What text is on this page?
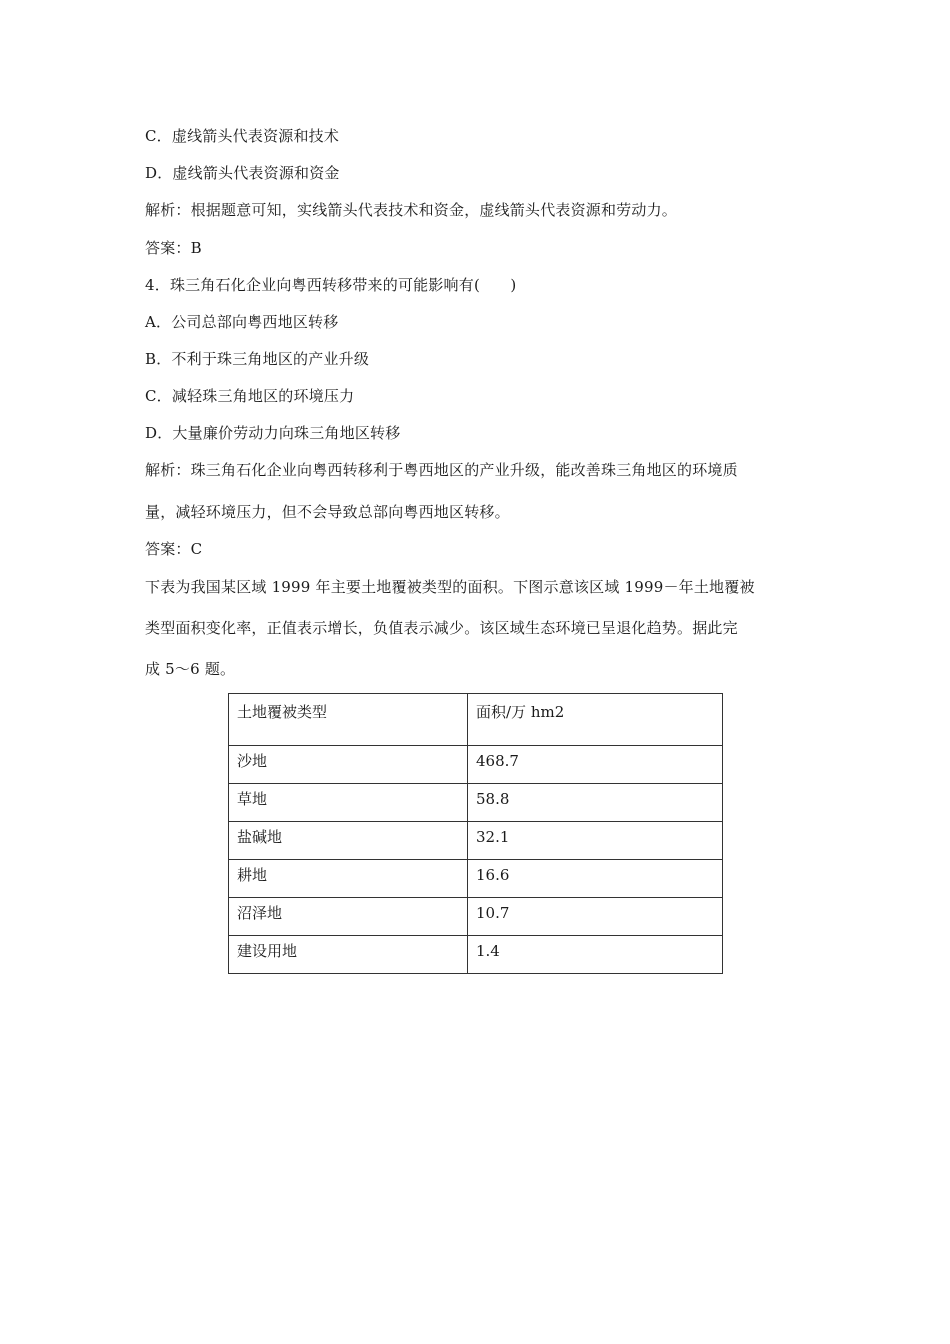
C．虚线箭头代表资源和技术
D．虚线箭头代表资源和资金
解析：根据题意可知，实线箭头代表技术和资金，虚线箭头代表资源和劳动力。
答案：B
4．珠三角石化企业向粤西转移带来的可能影响有(　　)
A．公司总部向粤西地区转移
B．不利于珠三角地区的产业升级
C．减轻珠三角地区的环境压力
D．大量廉价劳动力向珠三角地区转移
解析：珠三角石化企业向粤西转移利于粤西地区的产业升级，能改善珠三角地区的环境质
量，减轻环境压力，但不会导致总部向粤西地区转移。
答案：C
下表为我国某区域 1999 年主要土地覆被类型的面积。下图示意该区域 1999－年土地覆被
类型面积变化率，正值表示增长，负值表示减少。该区域生态环境已呈退化趋势。据此完
成 5～6 题。
土地覆被类型	面积/万 hm2
沙地	468.7
草地	58.8
盐碱地	32.1
耕地	16.6
沼泽地	10.7
建设用地	1.4
